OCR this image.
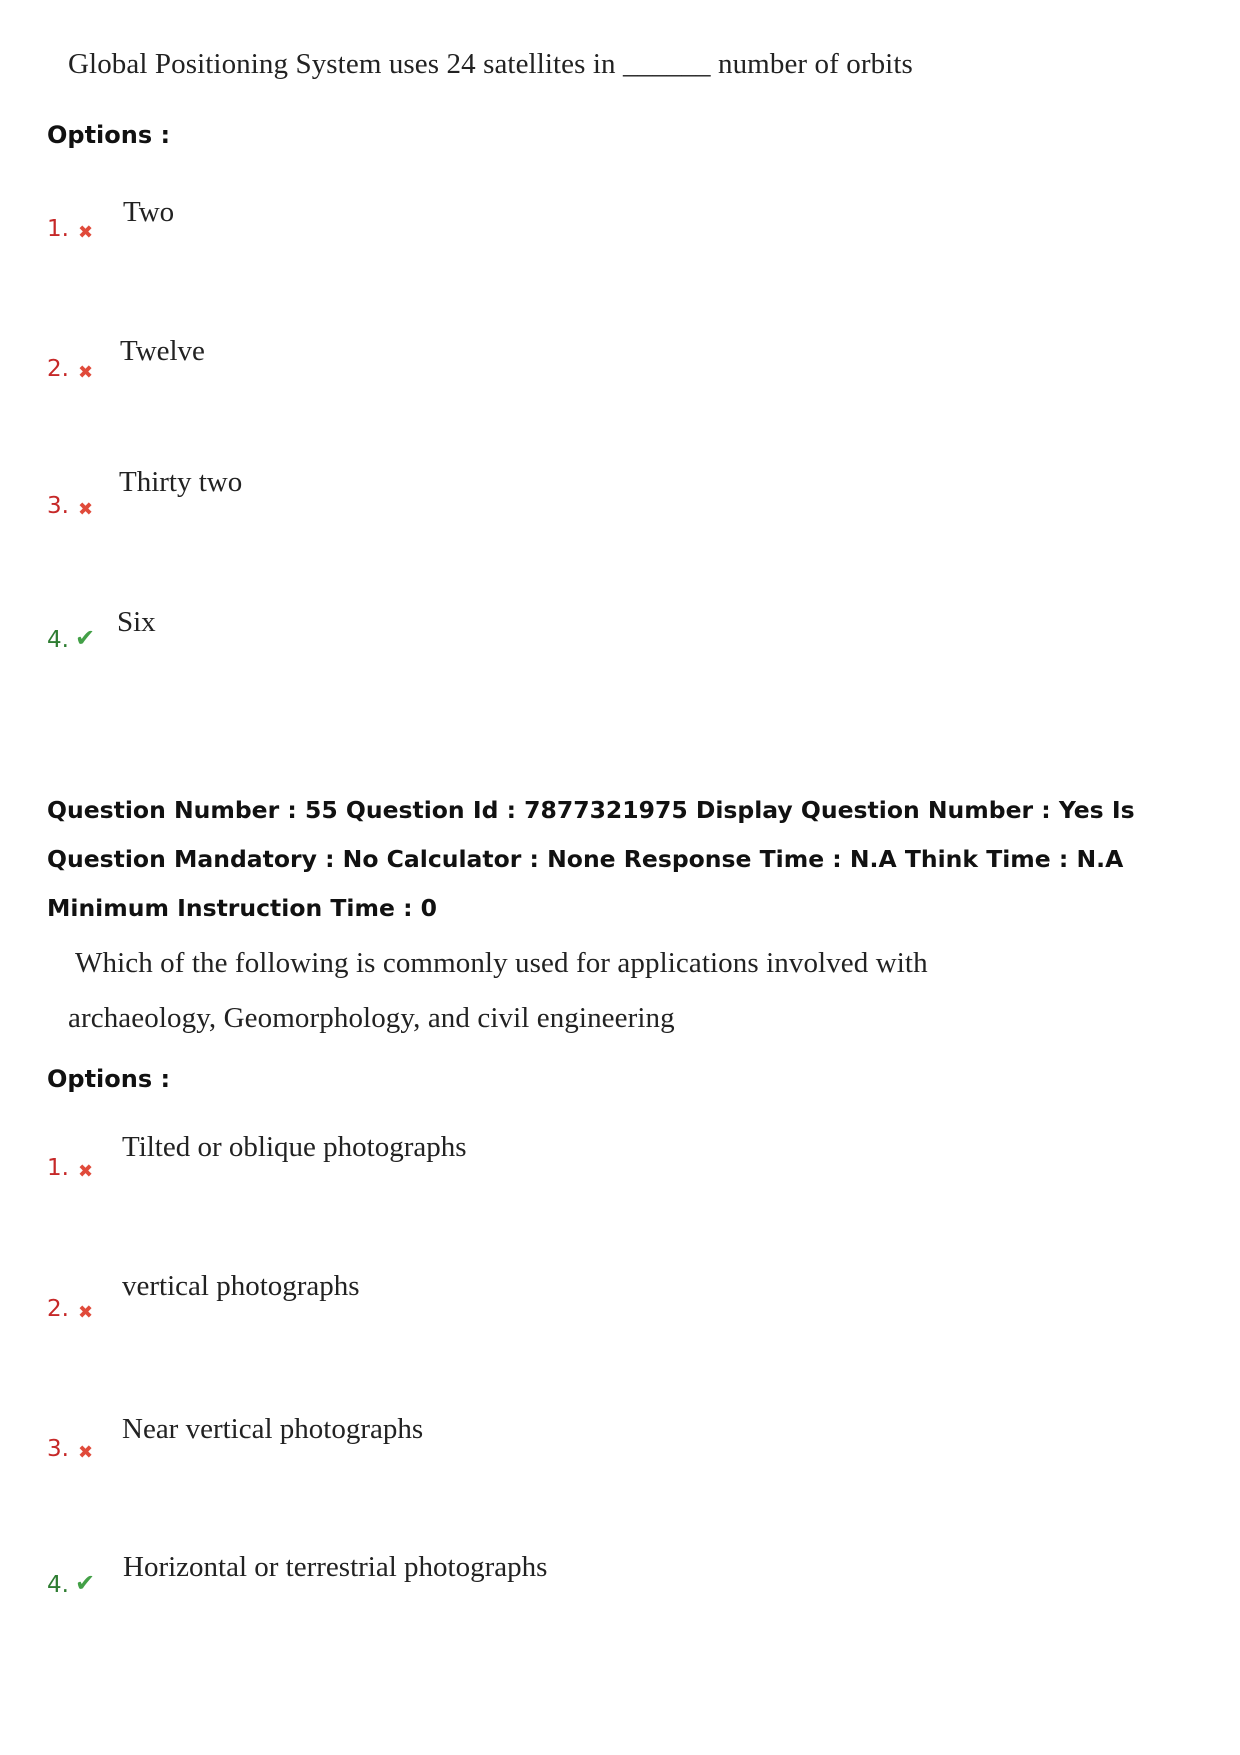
Global Positioning System uses 24 satellites in ______ number of orbits
Options :
1. ✖
Two
2. ✖
Twelve
3. ✖
Thirty two
4. ✔ Six
Question Number : 55 Question Id : 7877321975 Display Question Number : Yes Is Question Mandatory : No Calculator : None Response Time : N.A Think Time : N.A Minimum Instruction Time : 0
Which of the following is commonly used for applications involved with
archaeology, Geomorphology, and civil engineering
Options :
1. ✖
Tilted or oblique photographs
2. ✖
vertical photographs
3. ✖
Near vertical photographs
4. ✔ Horizontal or terrestrial photographs
